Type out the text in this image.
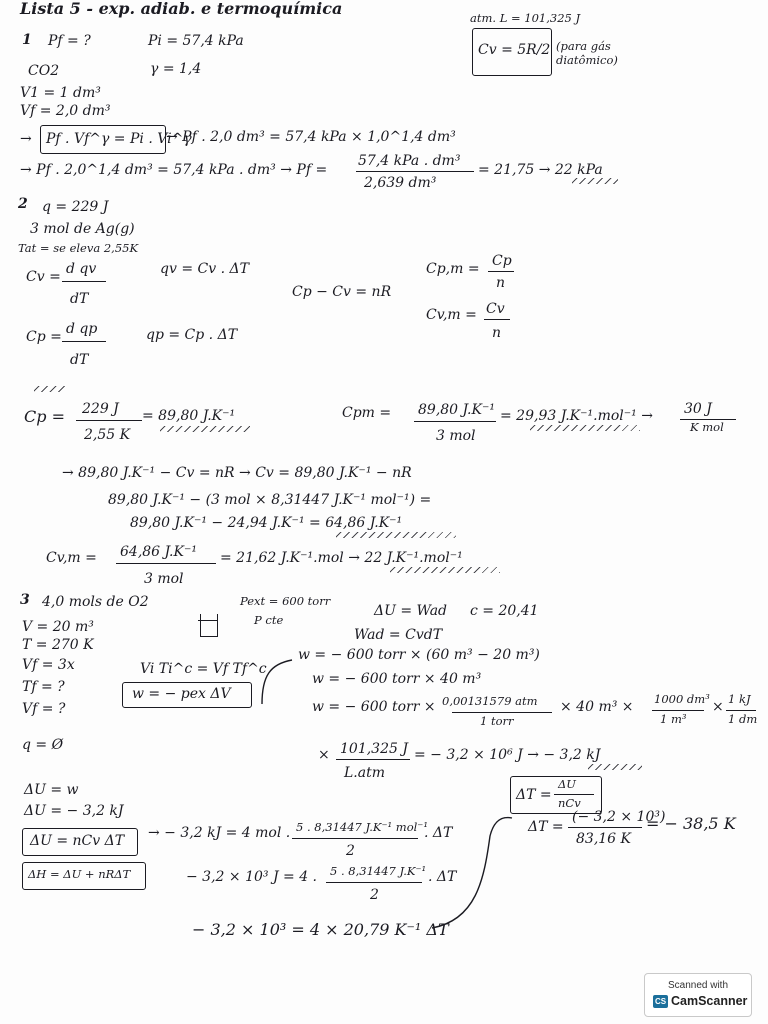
Lista 5 - exp. adiab. e termoquímica	atm. L = 101,325 J
Cv = 5R/2 (para gás diatômico)
1 Pf = ?	Pi = 57,4 kPa
CO2	γ = 1,4
V1 = 1 dm³
Vf = 2,0 dm³
→ Pf . Vf^γ = Pi . Vi^γ
→ Pf . 2,0 dm³ = 57,4 kPa × 1,0^1,4 dm³
→ Pf . 2,0^1,4 dm³ = 57,4 kPa . dm³ → Pf =
57,4 kPa . dm³
2,639 dm³
= 21,75 → 22 kPa
2 q = 229 J
3 mol de Ag(g)
Tat = se eleva 2,55K
Cv = d qv
dT
qv = Cv . ΔT
Cp = d qp
dT
qp = Cp . ΔT
Cp − Cv = nR
Cp,m = Cp
n
Cv,m = Cv
n
Cp = 229 J
2,55 K
= 89,80 J.K⁻¹	Cpm = 89,80 J.K⁻¹
3 mol
= 29,93 J.K⁻¹.mol⁻¹ → 30 J
K mol
→ 89,80 J.K⁻¹ − Cv = nR → Cv = 89,80 J.K⁻¹ − nR
89,80 J.K⁻¹ − (3 mol × 8,31447 J.K⁻¹ mol⁻¹) =
89,80 J.K⁻¹ − 24,94 J.K⁻¹ = 64,86 J.K⁻¹
Cv,m = 64,86 J.K⁻¹
3 mol
= 21,62 J.K⁻¹.mol → 22 J.K⁻¹.mol⁻¹
3 4,0 mols de O2	Pext = 600 torr
P cte
ΔU = Wad c = 20,41
Wad = CvdT
V = 20 m³
T = 270 K
Vf = 3x
Tf = ?
Vf = ?
q = Ø
Vi Ti^c = Vf Tf^c
w = − pex ΔV
w = − 600 torr × (60 m³ − 20 m³)
w = − 600 torr × 40 m³
w = − 600 torr × 0,00131579 atm
1 torr
× 40 m³ × 1000 dm³
1 m³
× 1 kJ
1 dm
× 101,325 J
L.atm
= − 3,2 × 10⁶ J → − 3,2 kJ
ΔU = w
ΔU = − 3,2 kJ
ΔU = nCv ΔT
ΔH = ΔU + nRΔT
ΔT =
ΔU
nCv
ΔT =
(− 3,2 × 10³)
83,16 K
= − 38,5 K
→ − 3,2 kJ = 4 mol . 5 . 8,31447 J.K⁻¹ mol⁻¹
2
. ΔT
− 3,2 × 10³ J = 4 . 5 . 8,31447 J.K⁻¹
2
. ΔT
− 3,2 × 10³ = 4 × 20,79 K⁻¹ ΔT
Scanned with
CS CamScanner
